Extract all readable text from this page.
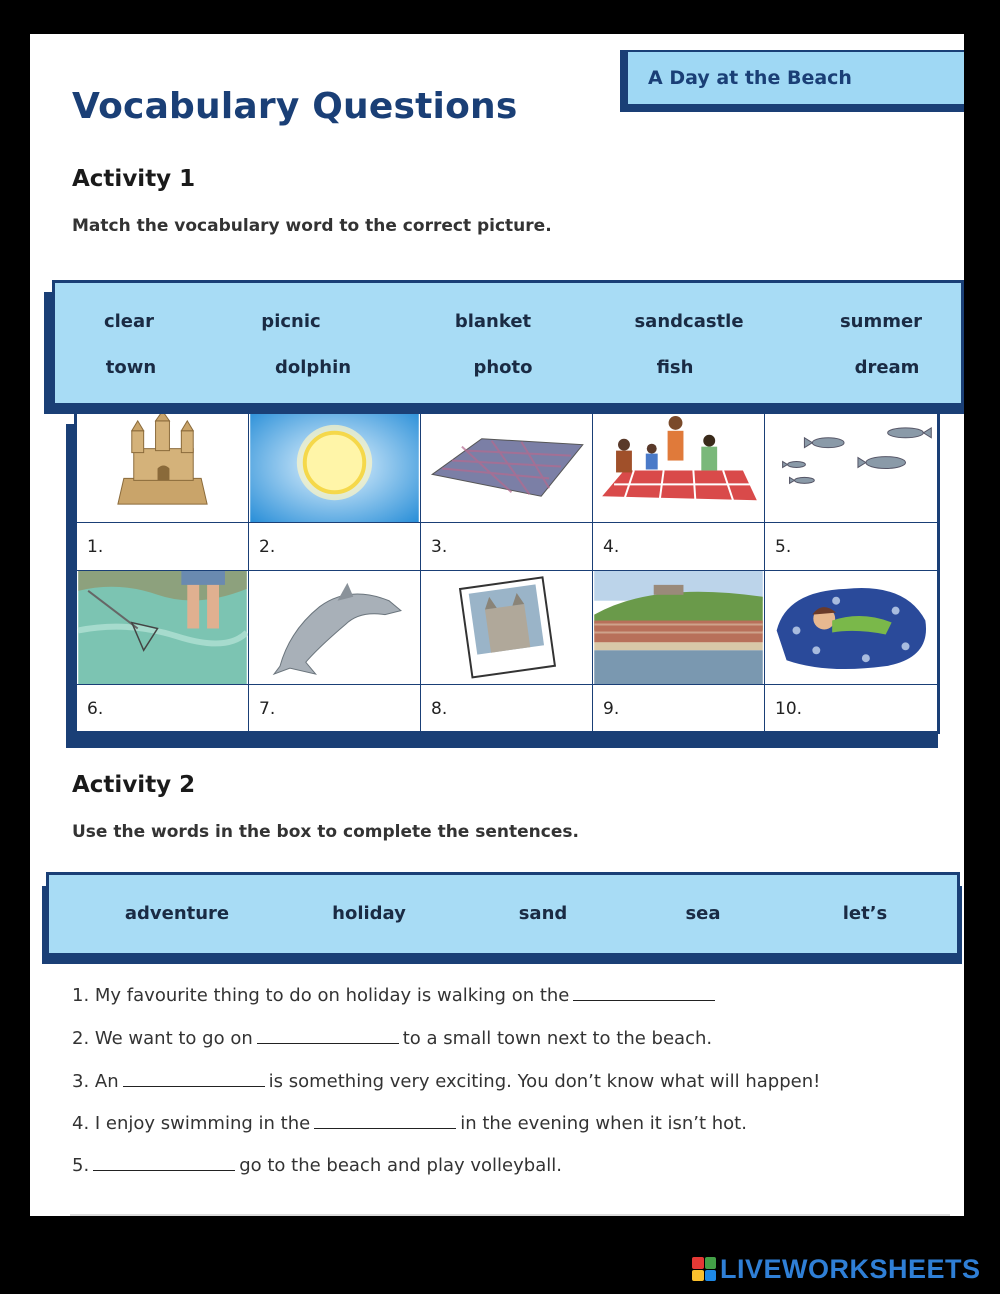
Vocabulary Questions
A Day at the Beach
Activity 1

Match the vocabulary word to the correct picture.

1.	2.	3.	4.	5.
6.	7.	8.	9.	10.
clear	picnic	blanket	sandcastle	summer
town	dolphin	photo	fish	dream
Activity 2

Use the words in the box to complete the sentences.

adventure	holiday	sand	sea	let’s

1. My favourite thing to do on holiday is walking on the

2. We want to go on	to a small town next to the beach.

3. An	is something very exciting. You don’t know what will happen!

4. I enjoy swimming in the	in the evening when it isn’t hot.

5.	go to the beach and play volleyball.

LIVEWORKSHEETS
